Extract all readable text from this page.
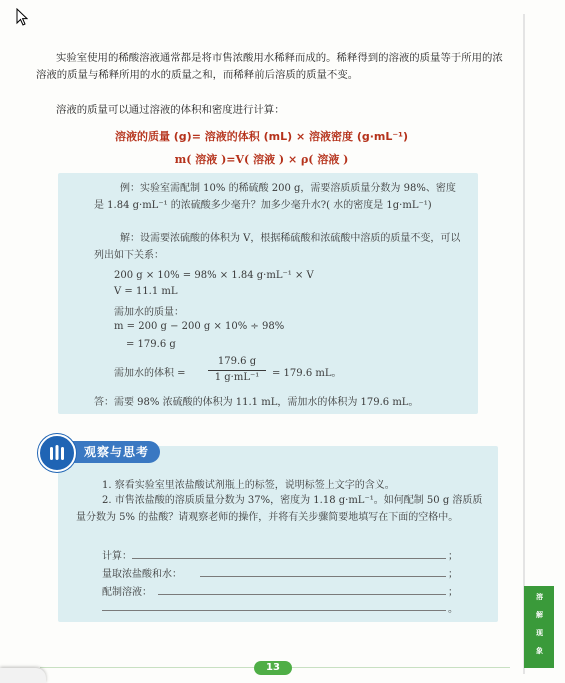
实验室使用的稀酸溶液通常都是将市售浓酸用水稀释而成的。稀释得到的溶液的质量等于所用的浓溶液的质量与稀释所用的水的质量之和，而稀释前后溶质的质量不变。

溶液的质量可以通过溶液的体积和密度进行计算：

溶液的质量 (g)= 溶液的体积 (mL) × 溶液密度 (g·mL⁻¹)
m( 溶液 )=V( 溶液 ) × ρ( 溶液 )

例：实验室需配制 10% 的稀硫酸 200 g，需要溶质质量分数为 98%、密度是 1.84 g·mL⁻¹ 的浓硫酸多少毫升？加多少毫升水?( 水的密度是 1g·mL⁻¹)

解：设需要浓硫酸的体积为 V，根据稀硫酸和浓硫酸中溶质的质量不变，可以列出如下关系：

200 g × 10% = 98% × 1.84 g·mL⁻¹ × V
V = 11.1 mL
需加水的质量：
m = 200 g − 200 g × 10% ÷ 98%
= 179.6 g
需加水的体积 =
179.6 g
1 g·mL⁻¹	= 179.6 mL。
答：需要 98% 浓硫酸的体积为 11.1 mL，需加水的体积为 179.6 mL。
观察与思考
1. 察看实验室里浓盐酸试剂瓶上的标签，说明标签上文字的含义。

2. 市售浓盐酸的溶质质量分数为 37%，密度为 1.18 g·mL⁻¹。如何配制 50 g 溶质质量分数为 5% 的盐酸？请观察老师的操作，并将有关步骤简要地填写在下面的空格中。

计算：	；
量取浓盐酸和水：	；
配制溶液：	；
。
溶
解
现
象
13
